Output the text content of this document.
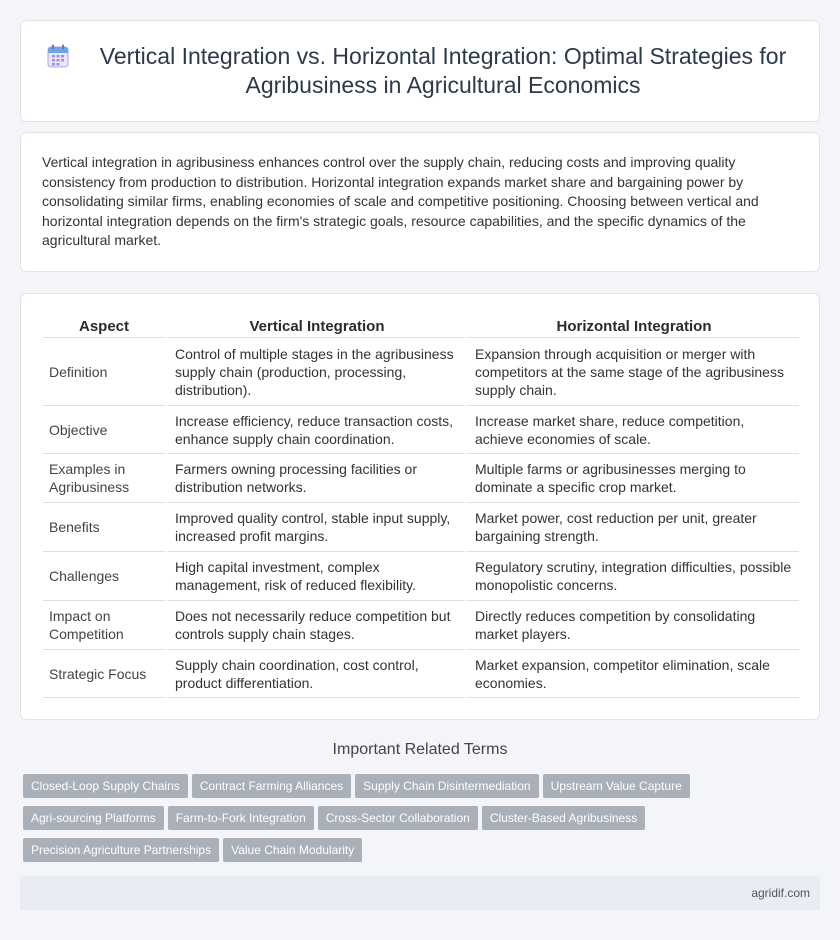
Vertical Integration vs. Horizontal Integration: Optimal Strategies for Agribusiness in Agricultural Economics

Vertical integration in agribusiness enhances control over the supply chain, reducing costs and improving quality consistency from production to distribution. Horizontal integration expands market share and bargaining power by consolidating similar firms, enabling economies of scale and competitive positioning. Choosing between vertical and horizontal integration depends on the firm's strategic goals, resource capabilities, and the specific dynamics of the agricultural market.

Aspect	Vertical Integration	Horizontal Integration
Definition	Control of multiple stages in the agribusiness supply chain (production, processing, distribution).	Expansion through acquisition or merger with competitors at the same stage of the agribusiness supply chain.
Objective	Increase efficiency, reduce transaction costs, enhance supply chain coordination.	Increase market share, reduce competition, achieve economies of scale.
Examples in Agribusiness	Farmers owning processing facilities or distribution networks.	Multiple farms or agribusinesses merging to dominate a specific crop market.
Benefits	Improved quality control, stable input supply, increased profit margins.	Market power, cost reduction per unit, greater bargaining strength.
Challenges	High capital investment, complex management, risk of reduced flexibility.	Regulatory scrutiny, integration difficulties, possible monopolistic concerns.
Impact on Competition	Does not necessarily reduce competition but controls supply chain stages.	Directly reduces competition by consolidating market players.
Strategic Focus	Supply chain coordination, cost control, product differentiation.	Market expansion, competitor elimination, scale economies.
Important Related Terms
Closed-Loop Supply Chains Contract Farming Alliances Supply Chain Disintermediation Upstream Value Capture
Agri-sourcing Platforms Farm-to-Fork Integration Cross-Sector Collaboration Cluster-Based Agribusiness
Precision Agriculture Partnerships Value Chain Modularity
agridif.com
